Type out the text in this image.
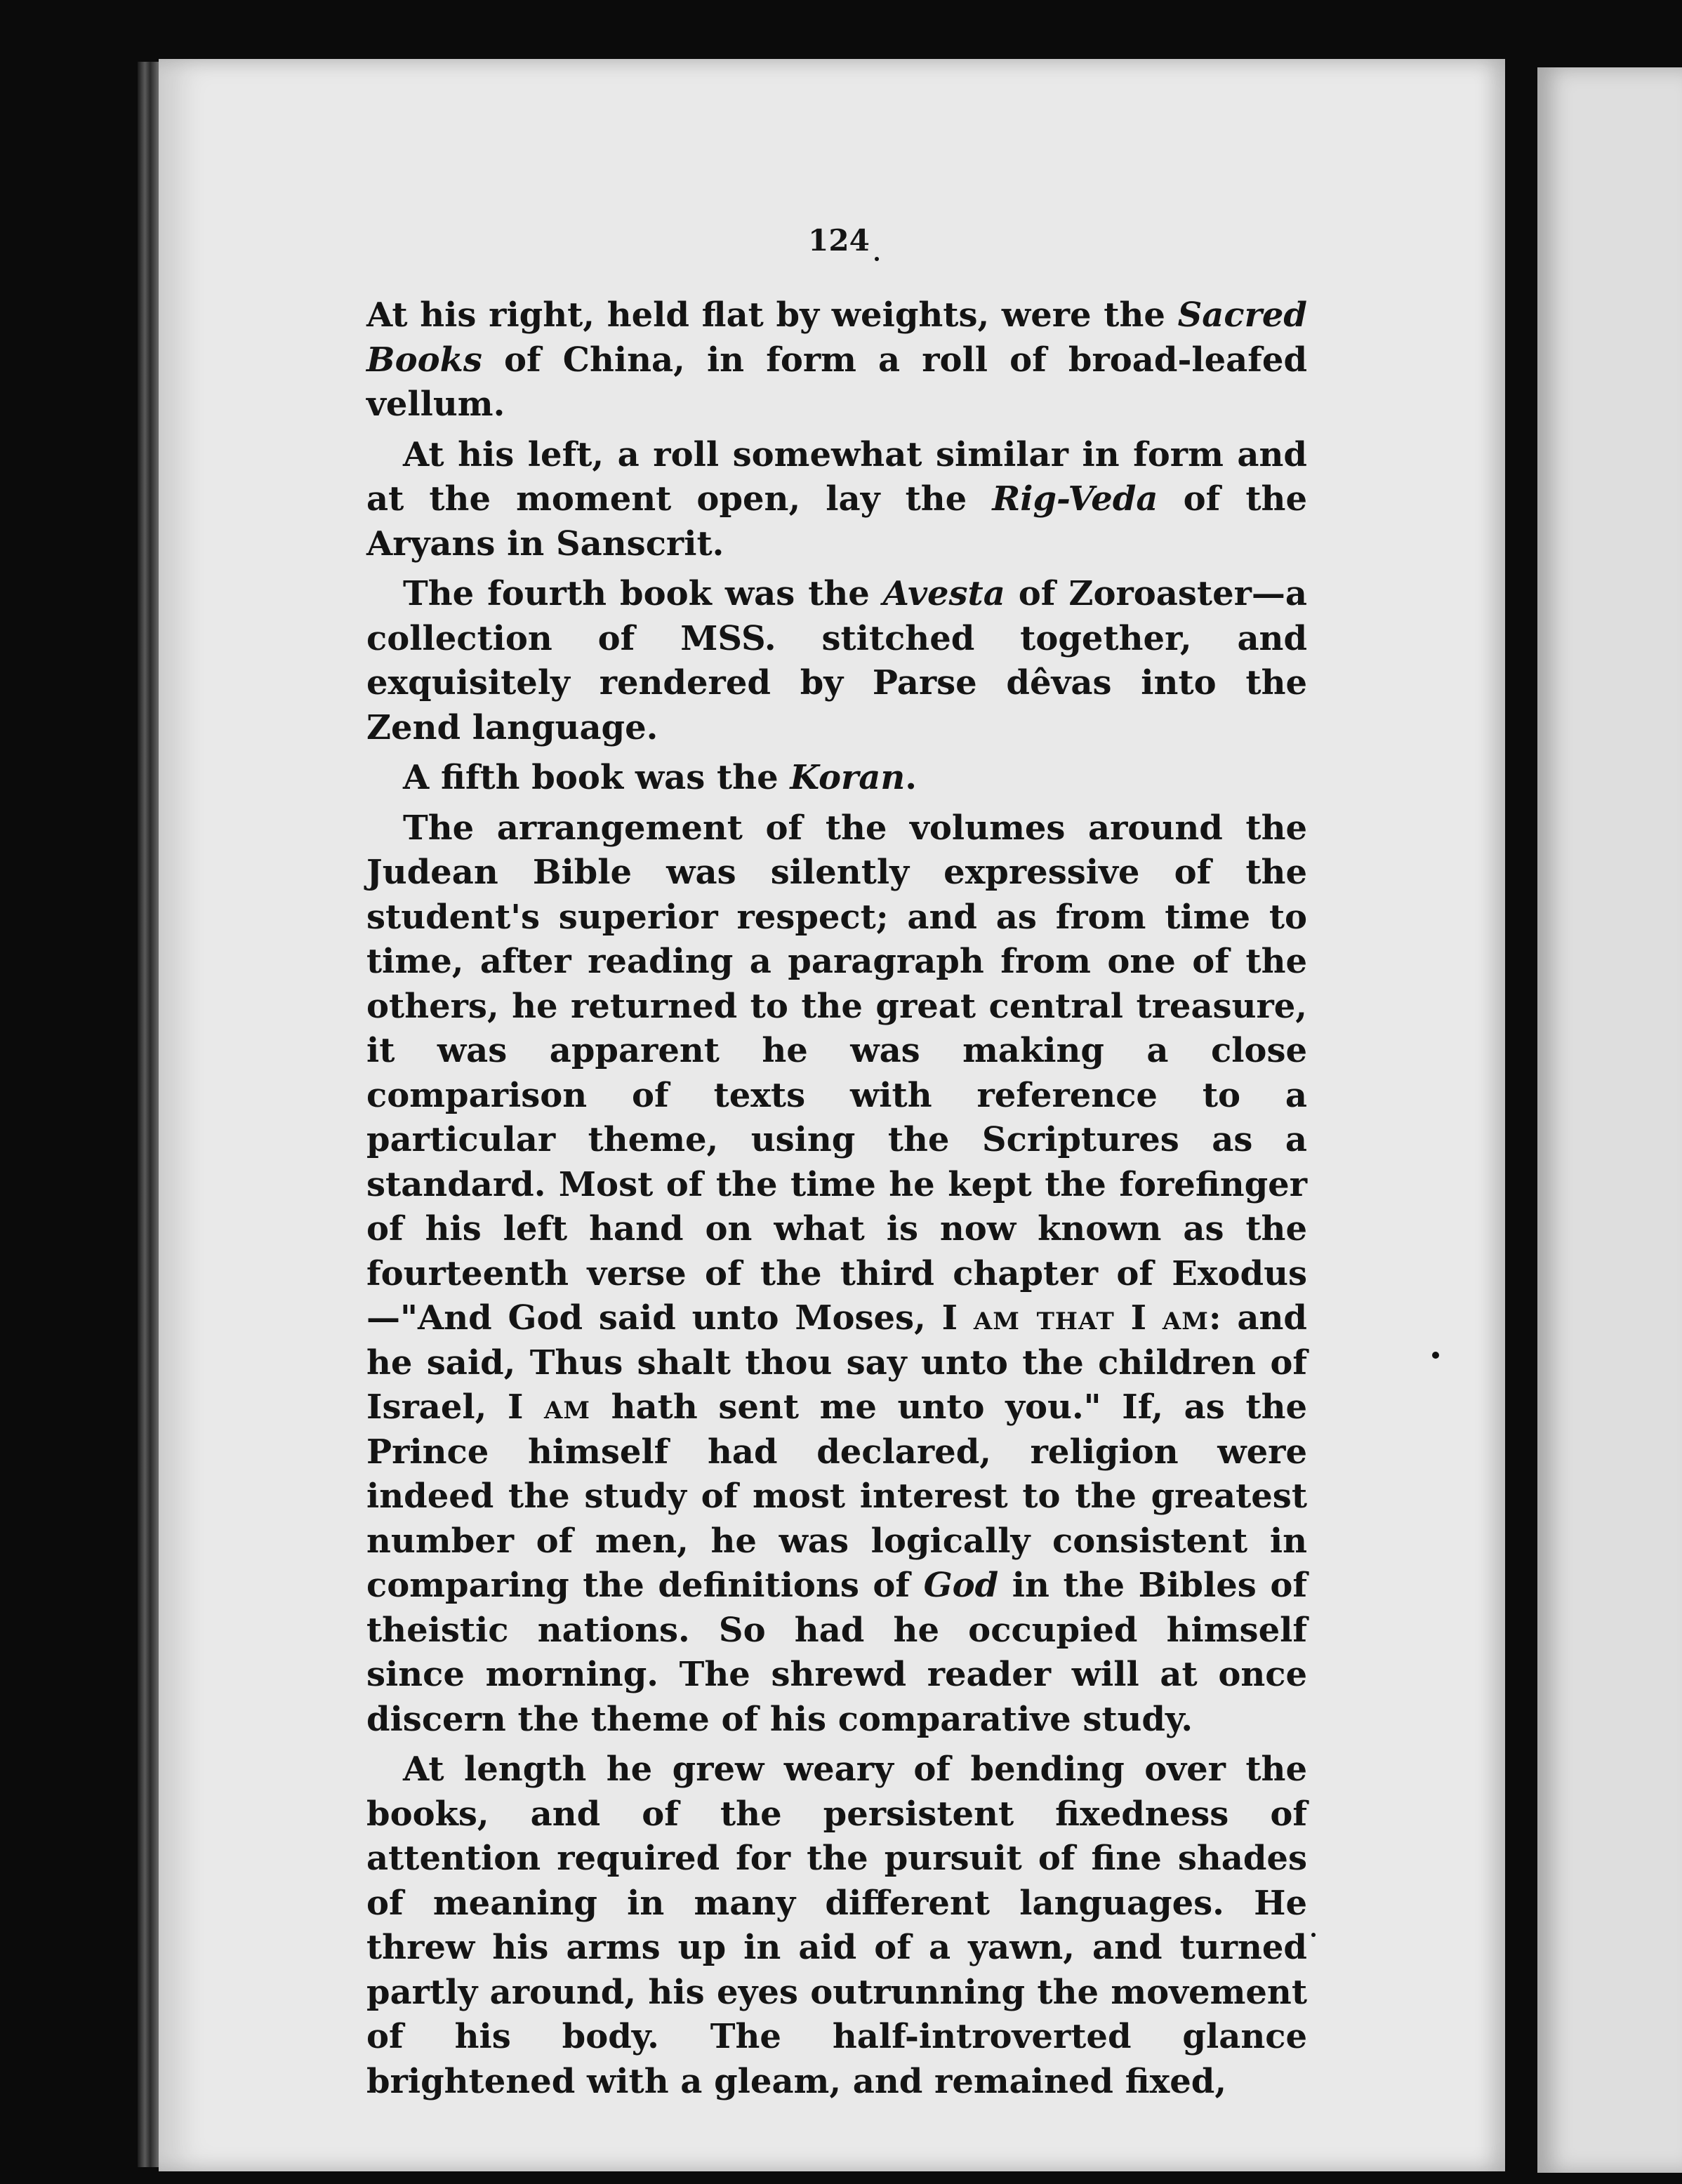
124

At his right, held flat by weights, were the Sacred Books of China, in form a roll of broad-leafed vellum.

At his left, a roll somewhat similar in form and at the moment open, lay the Rig-Veda of the Aryans in Sanscrit.

The fourth book was the Avesta of Zoroaster—a collection of MSS. stitched together, and exquisitely rendered by Parse dêvas into the Zend language.

A fifth book was the Koran.

The arrangement of the volumes around the Judean Bible was silently expressive of the student's superior respect; and as from time to time, after reading a paragraph from one of the others, he returned to the great central treasure, it was apparent he was making a close comparison of texts with reference to a particular theme, using the Scriptures as a standard. Most of the time he kept the forefinger of his left hand on what is now known as the fourteenth verse of the third chapter of Exodus—"And God said unto Moses, I am that I am: and he said, Thus shalt thou say unto the children of Israel, I am hath sent me unto you." If, as the Prince himself had declared, religion were indeed the study of most interest to the greatest number of men, he was logically consistent in comparing the definitions of God in the Bibles of theistic nations. So had he occupied himself since morning. The shrewd reader will at once discern the theme of his comparative study.

At length he grew weary of bending over the books, and of the persistent fixedness of attention required for the pursuit of fine shades of meaning in many different languages. He threw his arms up in aid of a yawn, and turned partly around, his eyes outrunning the movement of his body. The half-introverted glance brightened with a gleam, and remained fixed,
